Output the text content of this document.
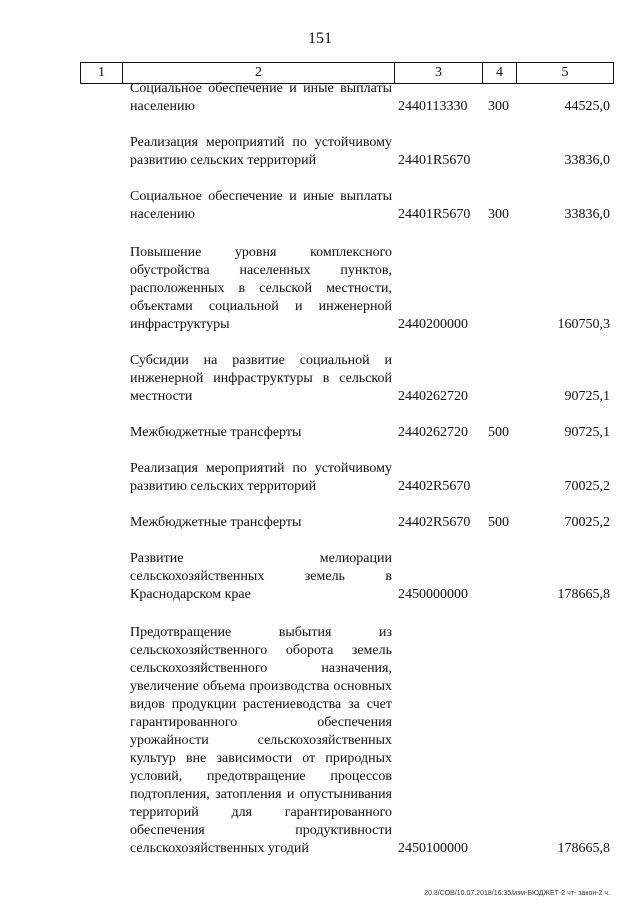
151
1	2	3	4	5
Социальное обеспечение и иные выплаты населению	2440113330 300	44525,0
Реализация мероприятий по устойчивому развитию сельских территорий	24401R5670	33836,0
Социальное обеспечение и иные выплаты населению	24401R5670 300	33836,0
Повышение уровня комплексного обустройства населенных пунктов, расположенных в сельской местности, объектами социальной и инженерной инфраструктуры	2440200000	160750,3
Субсидии на развитие социальной и инженерной инфраструктуры в сельской местности	2440262720	90725,1
Межбюджетные трансферты	2440262720 500	90725,1
Реализация мероприятий по устойчивому развитию сельских территорий	24402R5670	70025,2
Межбюджетные трансферты	24402R5670 500	70025,2
Развитие мелиорации сельскохозяйственных земель в Краснодарском крае	2450000000	178665,8
Предотвращение выбытия из сельскохозяйственного оборота земель сельскохозяйственного назначения, увеличение объема производства основных видов продукции растениеводства за счет гарантированного обеспечения урожайности сельскохозяйственных культур вне зависимости от природных условий, предотвращение процессов подтопления, затопления и опустынивания территорий для гарантированного обеспечения продуктивности сельскохозяйственных угодий	2450100000	178665,8
20.3/СОВ/10.07.2018/16:35/изм-БЮДЖЕТ-2 чт- закон-2 ч.
